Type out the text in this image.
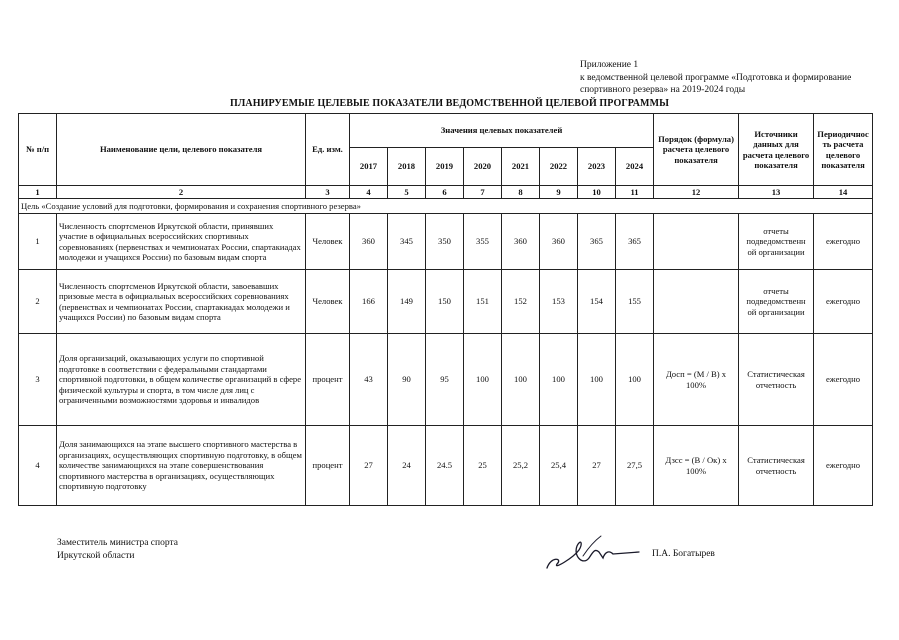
Приложение 1
к ведомственной целевой программе «Подготовка и формирование
спортивного резерва» на 2019-2024 годы
ПЛАНИРУЕМЫЕ ЦЕЛЕВЫЕ ПОКАЗАТЕЛИ ВЕДОМСТВЕННОЙ ЦЕЛЕВОЙ ПРОГРАММЫ
№ п/п	Наименование цели, целевого показателя	Ед. изм.	Значения целевых показателей								Порядок (формула) расчета целевого показателя	Источники данных для расчета целевого показателя	Периодичнос ть расчета целевого показателя
			2017	2018	2019	2020	2021	2022	2023	2024			
1	2	3	4	5	6	7	8	9	10	11	12	13	14
Цель «Создание условий для подготовки, формирования и сохранения спортивного резерва»													
1	Численность спортсменов Иркутской области, принявших участие в официальных всероссийских спортивных соревнованиях (первенствах и чемпионатах России, спартакиадах молодежи и учащихся России) по базовым видам спорта	Человек	360	345	350	355	360	360	365	365		отчеты подведомственн ой организации	ежегодно
2	Численность спортсменов Иркутской области, завоевавших призовые места в официальных всероссийских соревнованиях (первенствах и чемпионатах России, спартакиадах молодежи и учащихся России) по базовым видам спорта	Человек	166	149	150	151	152	153	154	155		отчеты подведомственн ой организации	ежегодно
3	Доля организаций, оказывающих услуги по спортивной подготовке в соответствии с федеральными стандартами спортивной подготовки, в общем количестве организаций в сфере физической культуры и спорта, в том числе для лиц с ограниченными возможностями здоровья и инвалидов	процент	43	90	95	100	100	100	100	100	Досп = (М / В) х 100%	Статистическая отчетность	ежегодно
4	Доля занимающихся на этапе высшего спортивного мастерства в организациях, осуществляющих спортивную подготовку, в общем количестве занимающихся на этапе совершенствования спортивного мастерства в организациях, осуществляющих спортивную подготовку	процент	27	24	24.5	25	25,2	25,4	27	27,5	Дзсс = (В / Ок) х 100%	Статистическая отчетность	ежегодно
Заместитель министра спорта
Иркутской области	П.А. Богатырев
